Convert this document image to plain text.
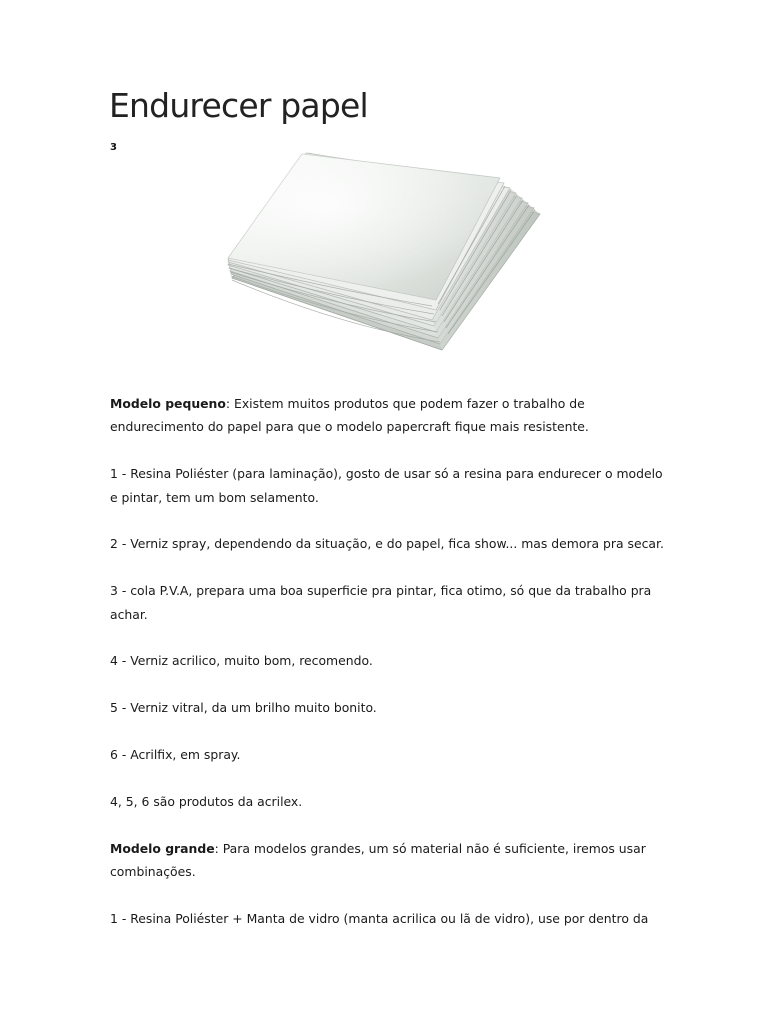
Endurecer papel
3

Modelo pequeno: Existem muitos produtos que podem fazer o trabalho de endurecimento do papel para que o modelo papercraft fique mais resistente.

1 - Resina Poliéster (para laminação), gosto de usar só a resina para endurecer o modelo e pintar, tem um bom selamento.

2 - Verniz spray, dependendo da situação, e do papel, fica show... mas demora pra secar.

3 - cola P.V.A, prepara uma boa superficie pra pintar, fica otimo, só que da trabalho pra achar.

4 - Verniz acrilico, muito bom, recomendo.

5 - Verniz vitral, da um brilho muito bonito.

6 - Acrilfix, em spray.

4, 5, 6 são produtos da acrilex.

Modelo grande: Para modelos grandes, um só material não é suficiente, iremos usar combinações.

1 - Resina Poliéster + Manta de vidro (manta acrilica ou lã de vidro), use por dentro da
